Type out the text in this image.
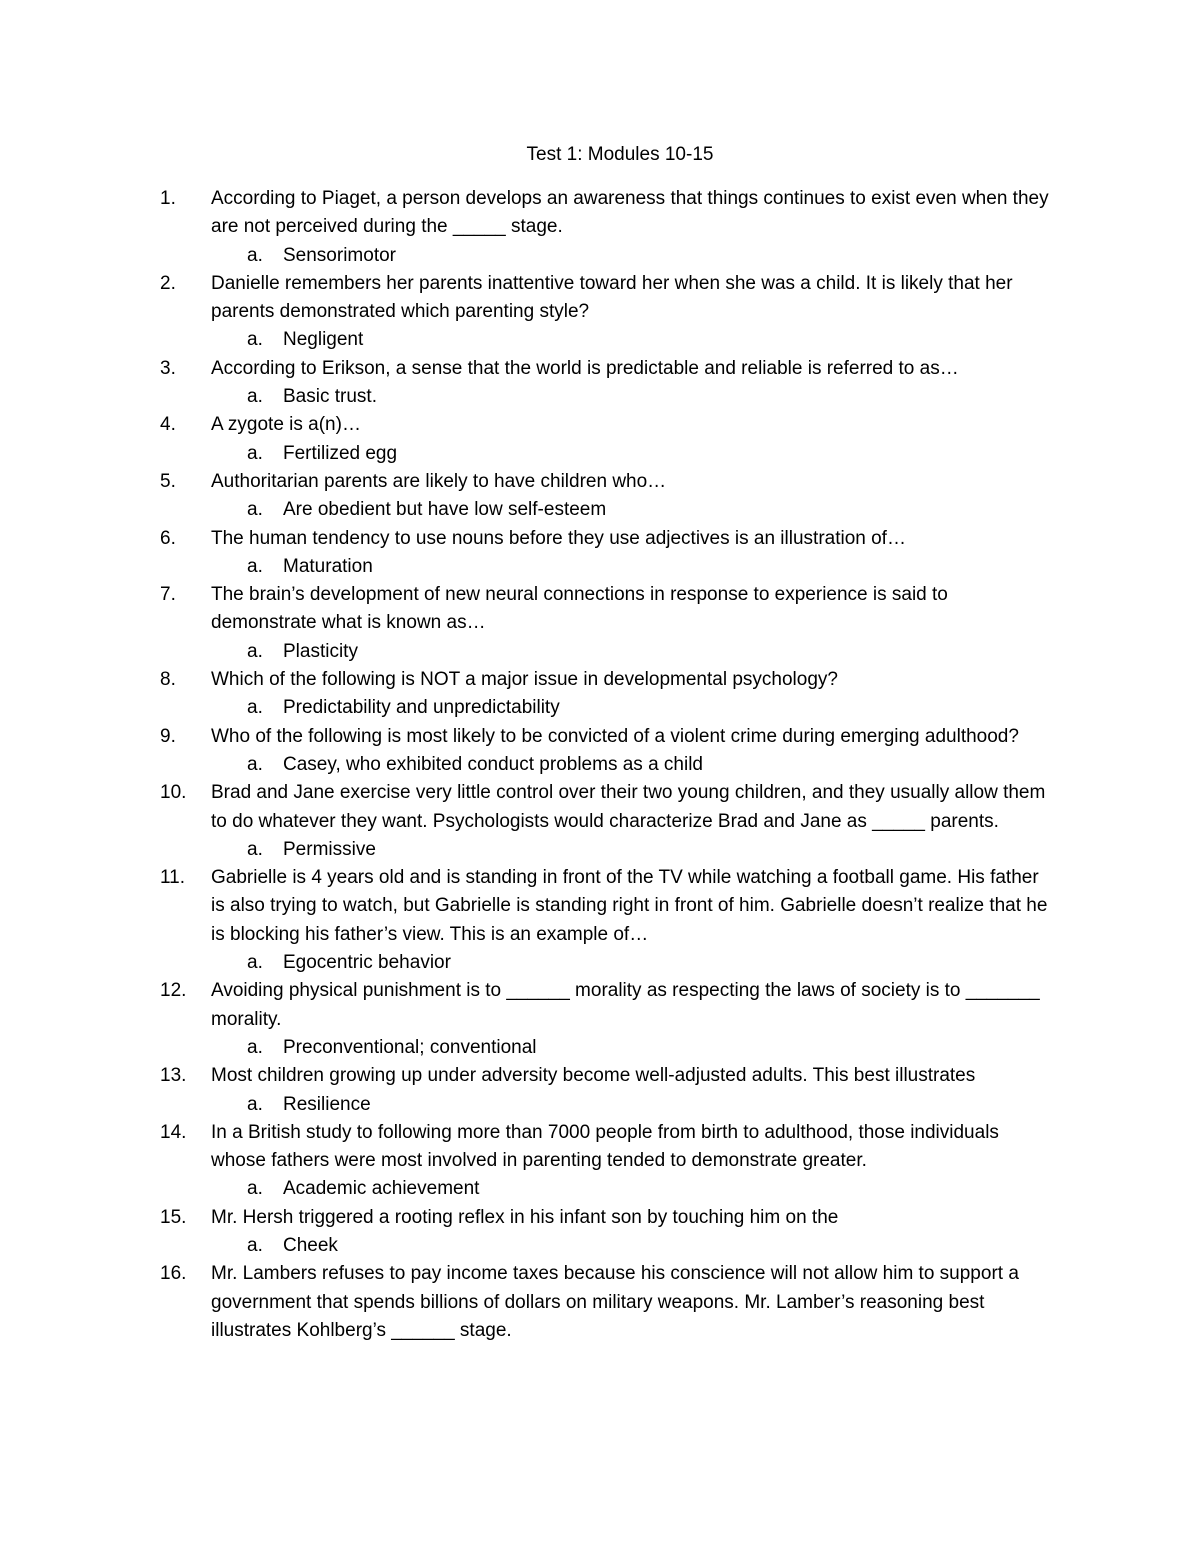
Test 1: Modules 10-15
1.	According to Piaget, a person develops an awareness that things continues to exist even when they are not perceived during the _____ stage.
a. Sensorimotor
2.	Danielle remembers her parents inattentive toward her when she was a child. It is likely that her parents demonstrated which parenting style?
a. Negligent
3.	According to Erikson, a sense that the world is predictable and reliable is referred to as…
a. Basic trust.
4.	A zygote is a(n)…
a. Fertilized egg
5.	Authoritarian parents are likely to have children who…
a. Are obedient but have low self-esteem
6.	The human tendency to use nouns before they use adjectives is an illustration of…
a. Maturation
7.	The brain’s development of new neural connections in response to experience is said to demonstrate what is known as…
a. Plasticity
8.	Which of the following is NOT a major issue in developmental psychology?
a. Predictability and unpredictability
9.	Who of the following is most likely to be convicted of a violent crime during emerging adulthood?
a. Casey, who exhibited conduct problems as a child
10.	Brad and Jane exercise very little control over their two young children, and they usually allow them to do whatever they want. Psychologists would characterize Brad and Jane as _____ parents.
a. Permissive
11.	Gabrielle is 4 years old and is standing in front of the TV while watching a football game. His father is also trying to watch, but Gabrielle is standing right in front of him. Gabrielle doesn’t realize that he is blocking his father’s view. This is an example of…
a. Egocentric behavior
12.	Avoiding physical punishment is to ______ morality as respecting the laws of society is to _______ morality.
a. Preconventional; conventional
13.	Most children growing up under adversity become well-adjusted adults. This best illustrates
a. Resilience
14.	In a British study to following more than 7000 people from birth to adulthood, those individuals whose fathers were most involved in parenting tended to demonstrate greater.
a. Academic achievement
15.	Mr. Hersh triggered a rooting reflex in his infant son by touching him on the
a. Cheek
16.	Mr. Lambers refuses to pay income taxes because his conscience will not allow him to support a government that spends billions of dollars on military weapons. Mr. Lamber’s reasoning best illustrates Kohlberg’s ______ stage.
